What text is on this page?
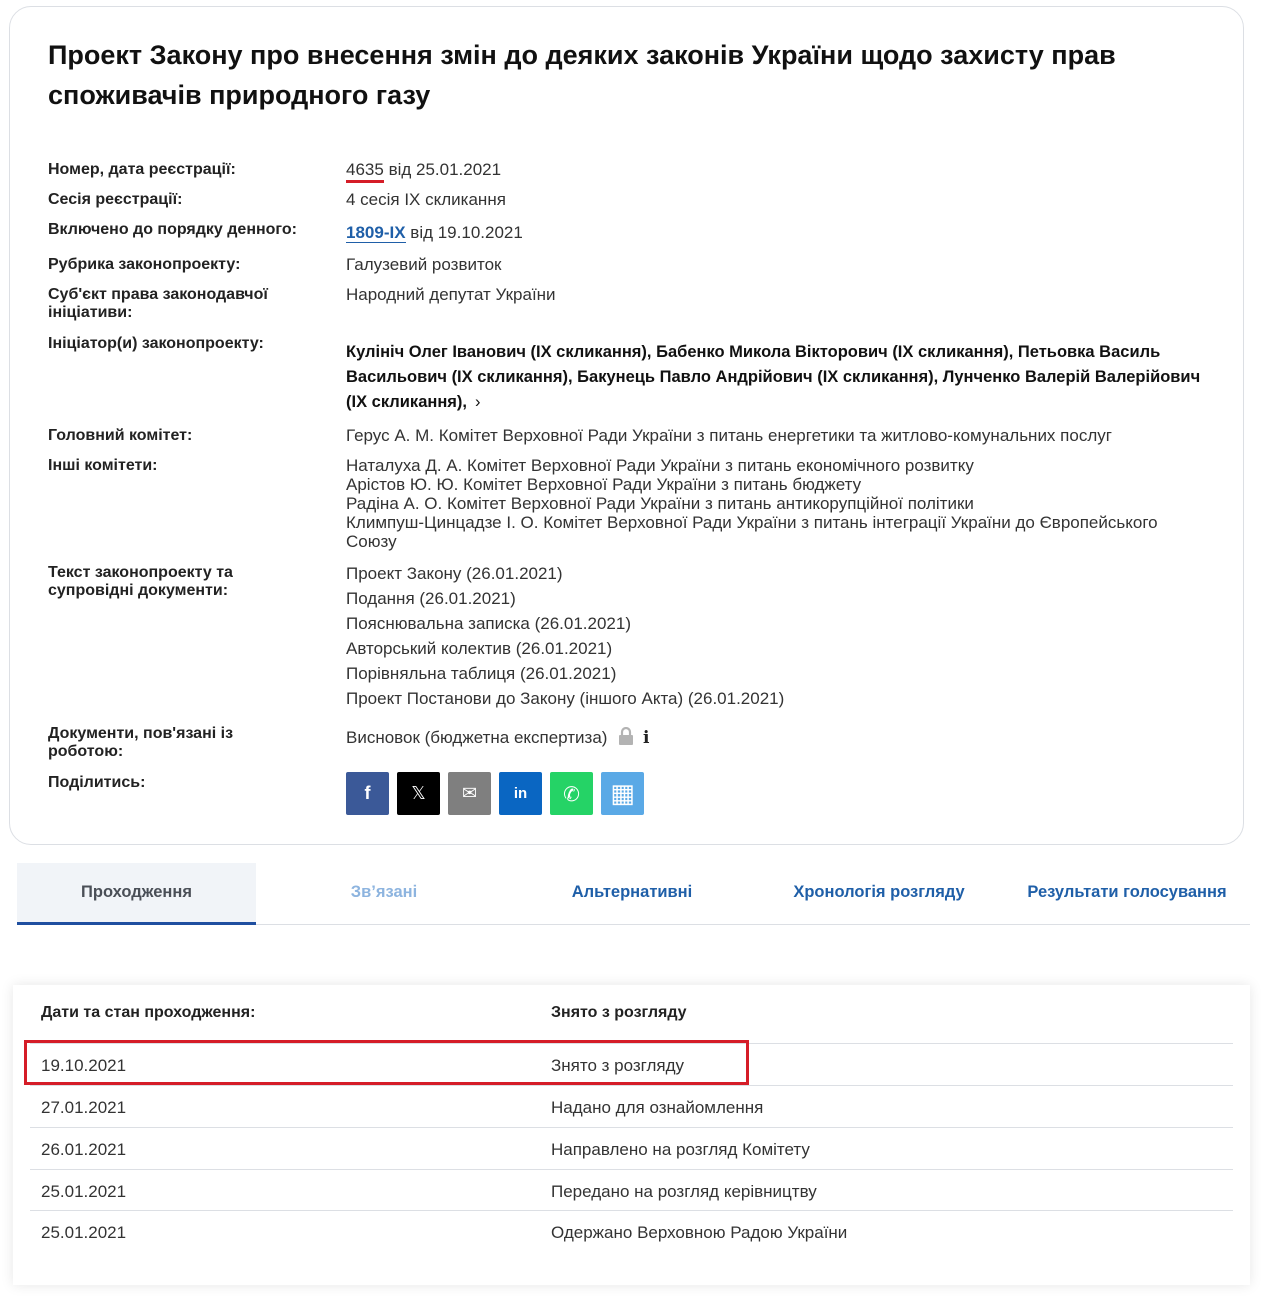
Проект Закону про внесення змін до деяких законів України щодо захисту прав споживачів природного газу
Номер, дата реєстрації:	4635 від 25.01.2021
Сесія реєстрації:	4 сесія IX скликання
Включено до порядку денного:	1809-IX від 19.10.2021
Рубрика законопроекту:	Галузевий розвиток
Суб'єкт права законодавчої ініціативи:
Народний депутат України
Ініціатор(и) законопроекту:	Кулініч Олег Іванович (IX скликання), Бабенко Микола Вікторович (IX скликання), Петьовка Василь Васильович (IX скликання), Бакунець Павло Андрійович (IX скликання), Лунченко Валерій Валерійович (IX скликання), ›
Головний комітет:	Герус А. М. Комітет Верховної Ради України з питань енергетики та житлово-комунальних послуг
Інші комітети:	Наталуха Д. А. Комітет Верховної Ради України з питань економічного розвитку
Арістов Ю. Ю. Комітет Верховної Ради України з питань бюджету
Радіна А. О. Комітет Верховної Ради України з питань антикорупційної політики
Климпуш-Цинцадзе І. О. Комітет Верховної Ради України з питань інтеграції України до Європейського Союзу
Текст законопроекту та супровідні документи:
Проект Закону (26.01.2021)
Подання (26.01.2021)
Пояснювальна записка (26.01.2021)
Авторський колектив (26.01.2021)
Порівняльна таблиця (26.01.2021)
Проект Постанови до Закону (іншого Акта) (26.01.2021)
Документи, пов'язані із роботою:
Висновок (бюджетна експертиза) i
Поділитись:
f 𝕏 ✉ in ✆ ▦
Проходження	Зв’язані	Альтернативні	Хронологія розгляду	Результати голосування
Дати та стан проходження:	Знято з розгляду
19.10.2021	Знято з розгляду
27.01.2021	Надано для ознайомлення
26.01.2021	Направлено на розгляд Комітету
25.01.2021	Передано на розгляд керівництву
25.01.2021	Одержано Верховною Радою України
